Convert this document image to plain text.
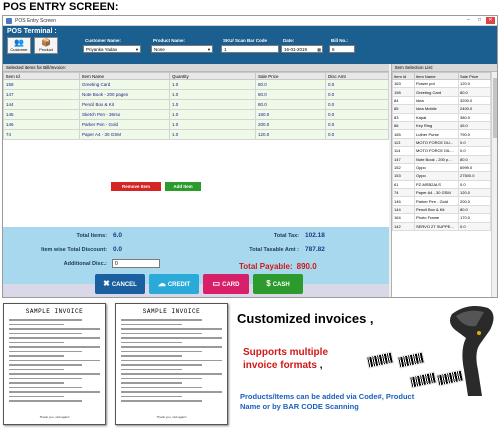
POS ENTRY SCREEN:
POS Entry Screen	–	□	✕
POS Terminal :
👥
Customer
📦
Product
Customer Name:
Priyanka Yadav	▼
Product Name:
None	▼
SKU/ Scan Bar Code
1
Date:
16-01-2019	▦
Bill No.:
6
Selected items for Bill/Invoice:
Item Id	Item Name	Quantity	Sale Price	Disc Amt
158	Greeting Card	1.0	80.0	0.0
147	Note Book - 200 pages	1.0	80.0	0.0
144	Pencil Box & Kit	1.0	80.0	0.0
145	Sketch Pen - 36rso	1.0	160.0	0.0
146	Parker Pen - Gold	1.0	200.0	0.0
74	Paper A4 - 30 GSM	1.0	120.0	0.0
Remove Item	Add Item
Total Items: 6.0
Item wise Total Discount: 0.0
Additional Disc.:
Total Tax: 102.18
Total Taxable Amt : 787.82
0	Total Payable: 890.0
✖ CANCEL	☁ CREDIT	▭ CARD	$ CASH
Item Selection List:
Item Id	Item Name	Sale Price
163	Flower pot	120.0
158	Greeting Card	80.0
84	Idea	3200.0
85	Idea Mobile	2400.0
83	Kapal	380.0
86	Key Ring	45.0
165	Luther Purse	790.0
113	MOTO FORCE DU...	0.0
114	MOTO FORCE DIL...	0.0
147	Note Book - 200 p...	80.0
152	Oppo	6999.0
153	Oppo	27500.0
61	PZ-MSB2ALS	0.0
74	Paper A4 - 30 GSM	120.0
146	Parker Pen - Gold	200.0
144	Pencil Box & Kit	80.0
164	Photo Frame	170.0
142	SERVO 2T SUPPE...	0.0
SAMPLE INVOICE
Thank you, visit again!
SAMPLE INVOICE
Thank you, visit again!
Customized invoices ,
Supports multiple
invoice formats ,
Products/Items can be added via Code#, Product
Name or by BAR CODE Scanning
